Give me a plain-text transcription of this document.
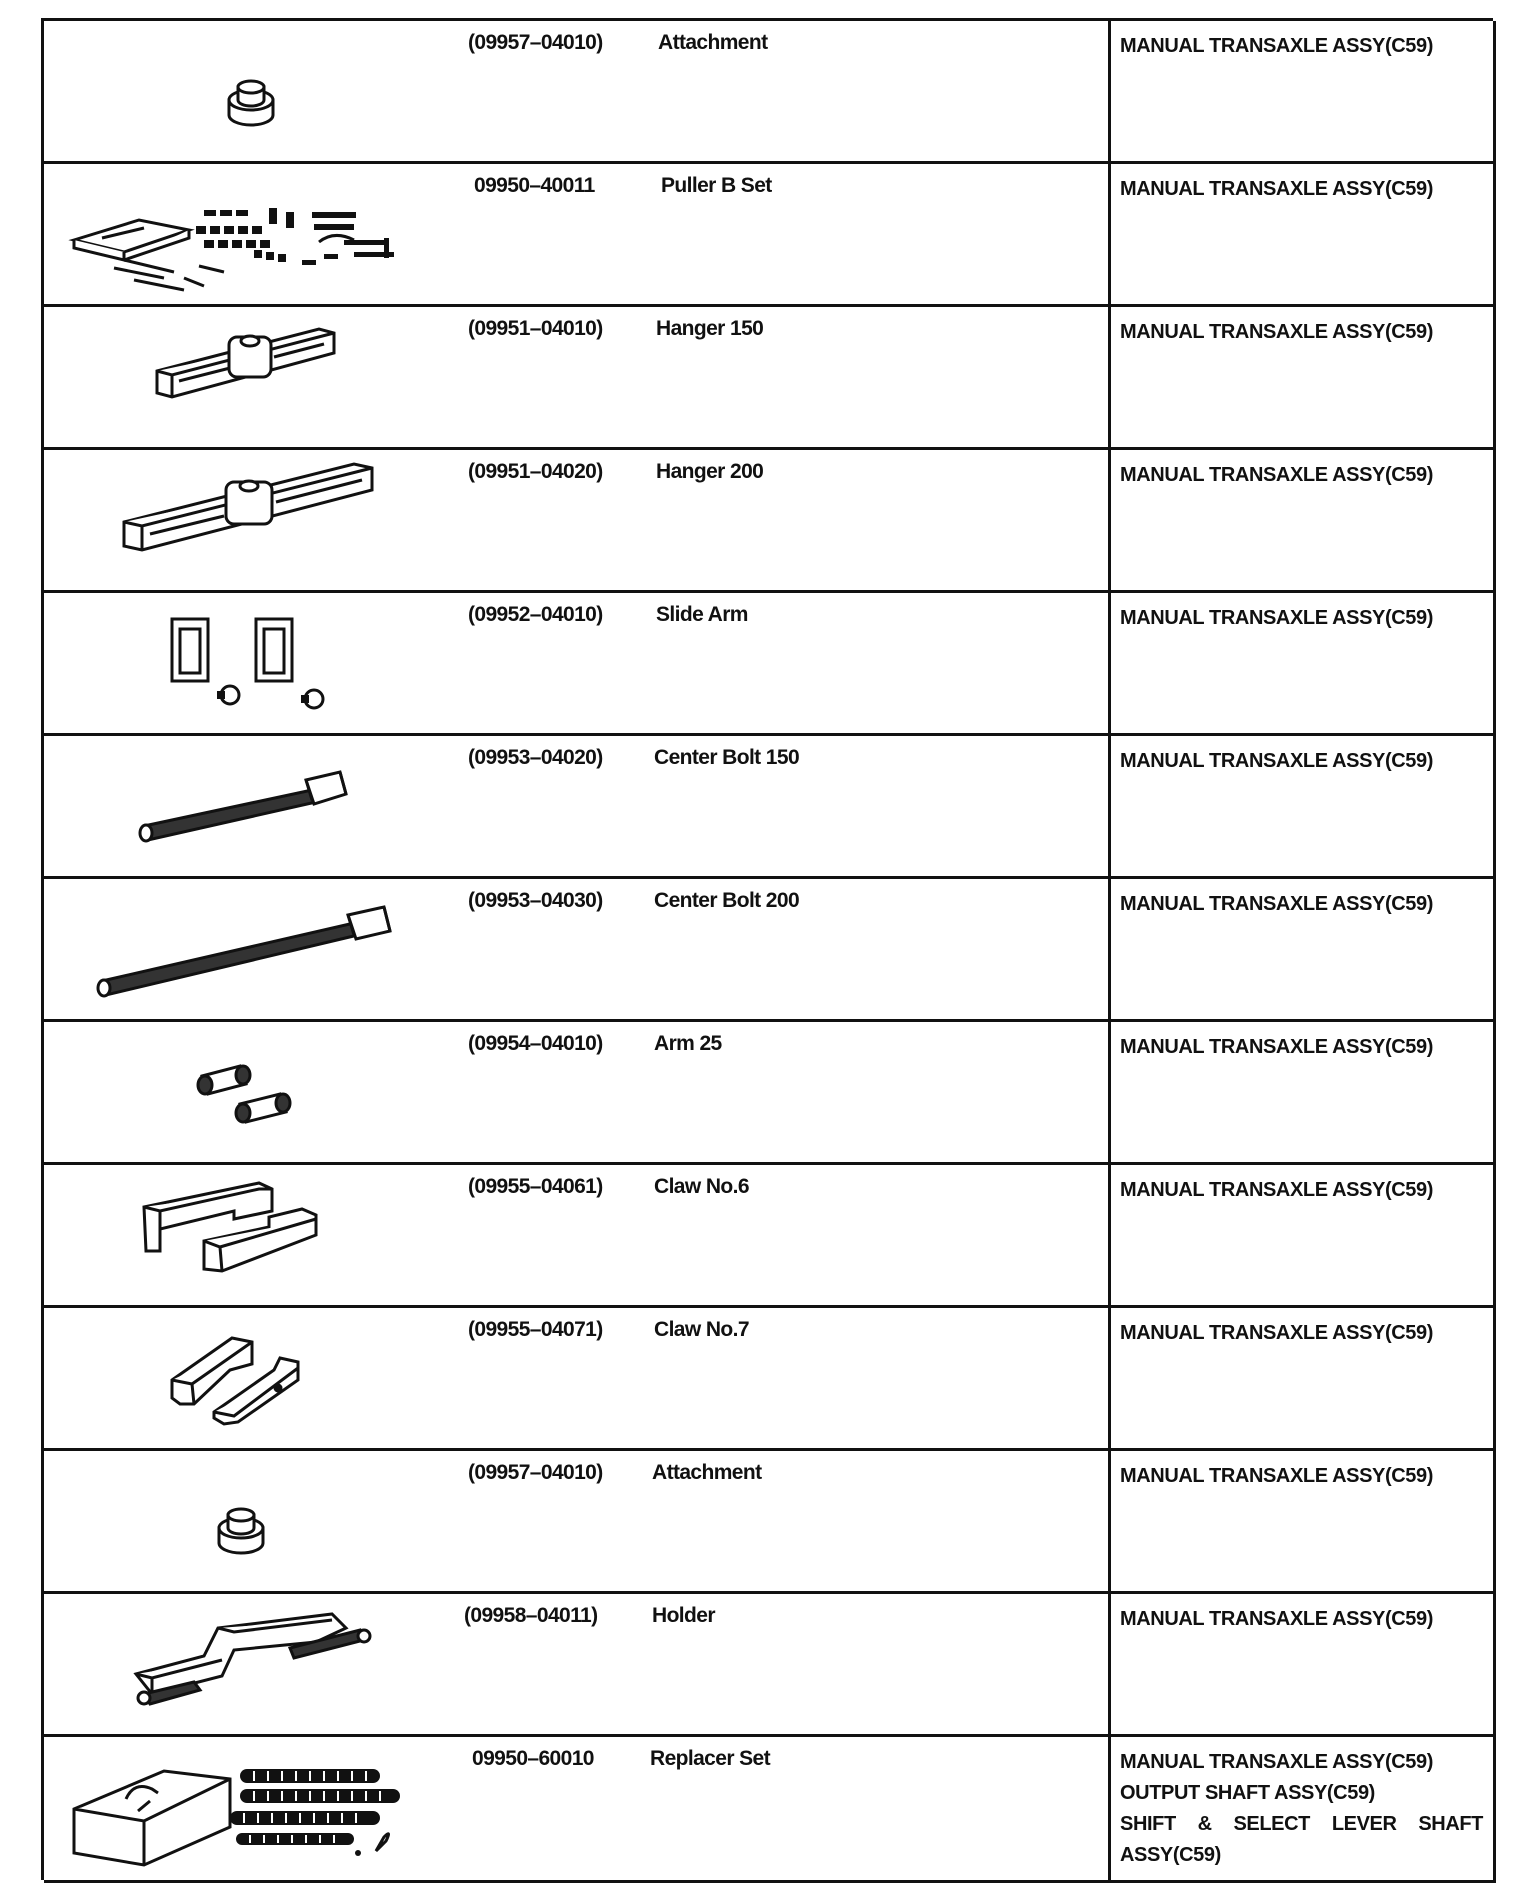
(09957–04010)	Attachment	MANUAL TRANSAXLE ASSY(C59)
09950–40011	Puller B Set	MANUAL TRANSAXLE ASSY(C59)
(09951–04010)	Hanger 150	MANUAL TRANSAXLE ASSY(C59)
(09951–04020)	Hanger 200	MANUAL TRANSAXLE ASSY(C59)
(09952–04010)	Slide Arm	MANUAL TRANSAXLE ASSY(C59)
(09953–04020) Center Bolt 150	MANUAL TRANSAXLE ASSY(C59)
(09953–04030) Center Bolt 200	MANUAL TRANSAXLE ASSY(C59)
(09954–04010) Arm 25	MANUAL TRANSAXLE ASSY(C59)
(09955–04061) Claw No.6	MANUAL TRANSAXLE ASSY(C59)
(09955–04071) Claw No.7	MANUAL TRANSAXLE ASSY(C59)
(09957–04010) Attachment	MANUAL TRANSAXLE ASSY(C59)
(09958–04011)	Holder	MANUAL TRANSAXLE ASSY(C59)
09950–60010	Replacer Set	MANUAL TRANSAXLE ASSY(C59)
OUTPUT SHAFT ASSY(C59)
SHIFT & SELECT LEVER SHAFT
ASSY(C59)
